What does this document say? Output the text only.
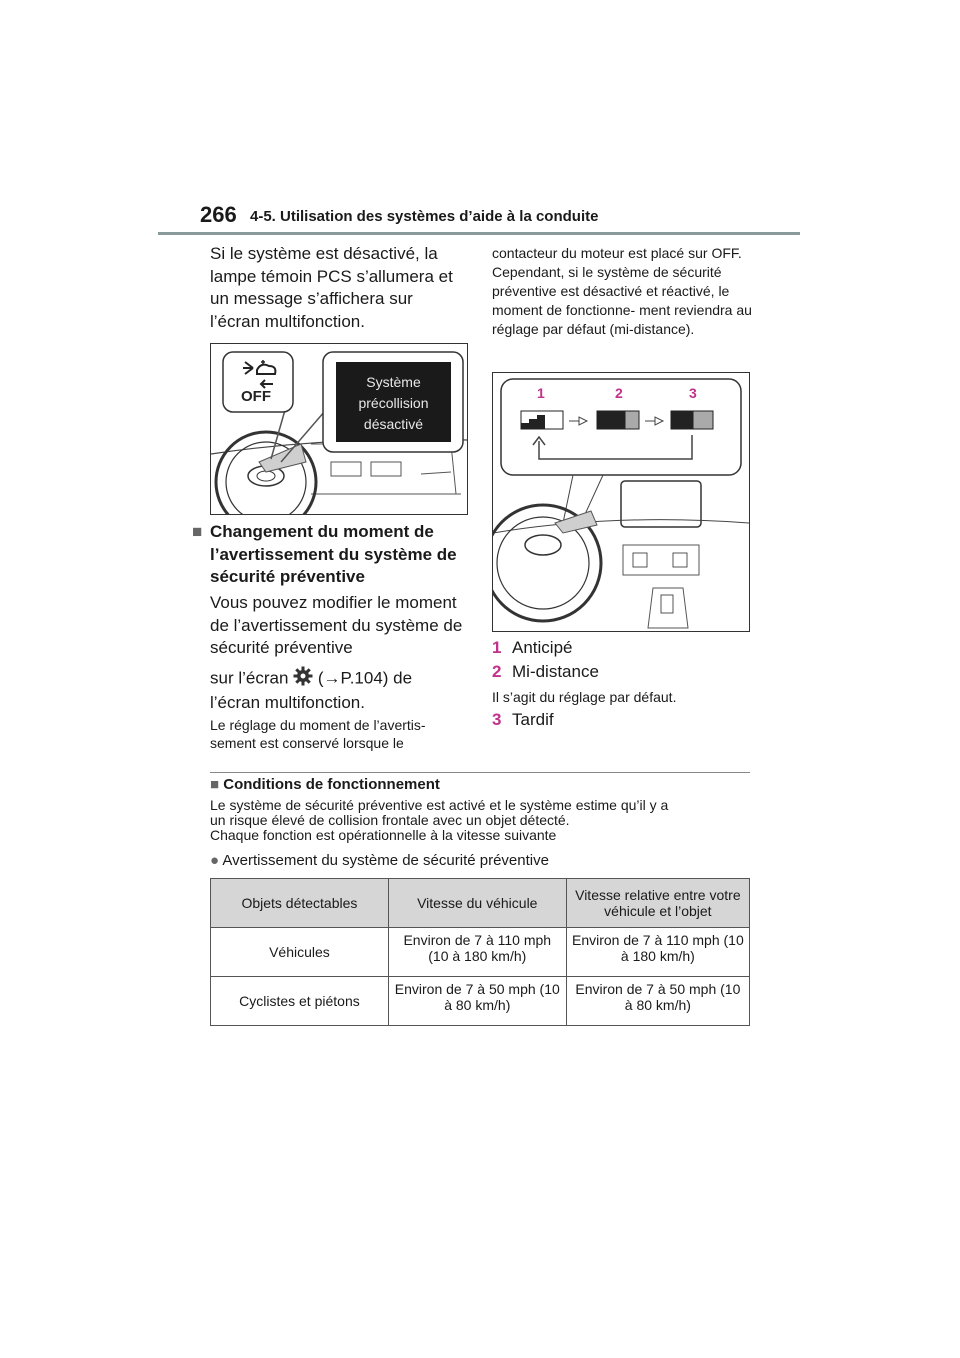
266 4-5. Utilisation des systèmes d’aide à la conduite
Si le système est désactivé, la lampe témoin PCS s’allumera et un message s’affichera sur l’écran multifonction.
OFF
Système
précollision
désactivé
■ Changement du moment de l’avertissement du système de sécurité préventive
Vous pouvez modifier le moment de l’avertissement du système de sécurité préventive
sur l’écran (→P.104) de
l’écran multifonction.
Le réglage du moment de l’avertis- sement est conservé lorsque le
contacteur du moteur est placé sur OFF. Cependant, si le système de sécurité préventive est désactivé et réactivé, le moment de fonctionne- ment reviendra au réglage par défaut (mi-distance).
1	2	3
1 Anticipé
2 Mi-distance
Il s’agit du réglage par défaut.
3 Tardif
■ Conditions de fonctionnement
Le système de sécurité préventive est activé et le système estime qu’il y a
un risque élevé de collision frontale avec un objet détecté.
Chaque fonction est opérationnelle à la vitesse suivante
● Avertissement du système de sécurité préventive
Objets détectables	Vitesse du véhicule	Vitesse relative entre votre véhicule et l’objet
Véhicules	Environ de 7 à 110 mph (10 à 180 km/h)	Environ de 7 à 110 mph (10 à 180 km/h)
Cyclistes et piétons	Environ de 7 à 50 mph (10 à 80 km/h)	Environ de 7 à 50 mph (10 à 80 km/h)
